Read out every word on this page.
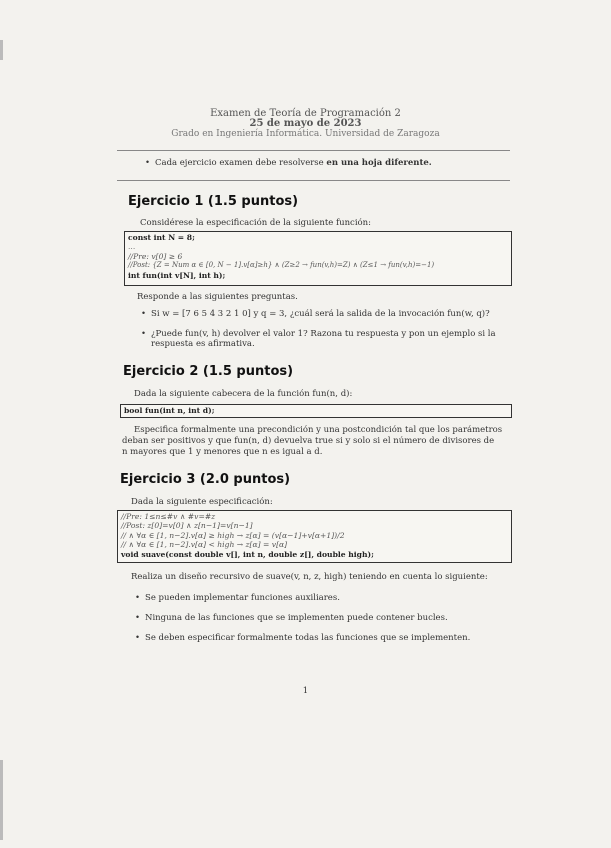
Examen de Teoría de Programación 2
25 de mayo de 2023
Grado en Ingeniería Informática. Universidad de Zaragoza
• Cada ejercicio examen debe resolverse en una hoja diferente.
Ejercicio 1 (1.5 puntos)
Considérese la especificación de la siguiente función:
const int N = 8;
...
//Pre: v[0] ≥ 6
//Post: {Z = Num α ∈ [0, N − 1].v[α]≥h} ∧ (Z≥2 → fun(v,h)=Z) ∧ (Z≤1 → fun(v,h)=−1)
int fun(int v[N], int h);
Responde a las siguientes preguntas.
• Si w = [7 6 5 4 3 2 1 0] y q = 3, ¿cuál será la salida de la invocación fun(w, q)?
• ¿Puede fun(v, h) devolver el valor 1? Razona tu respuesta y pon un ejemplo si la
respuesta es afirmativa.
Ejercicio 2 (1.5 puntos)
Dada la siguiente cabecera de la función fun(n, d):
bool fun(int n, int d);
Especifica formalmente una precondición y una postcondición tal que los parámetros
deban ser positivos y que fun(n, d) devuelva true si y solo si el número de divisores de
n mayores que 1 y menores que n es igual a d.
Ejercicio 3 (2.0 puntos)
Dada la siguiente especificación:
//Pre: 1≤n≤#v ∧ #v=#z
//Post: z[0]=v[0] ∧ z[n−1]=v[n−1]
// ∧ ∀α ∈ [1, n−2].v[α] ≥ high → z[α] = (v[α−1]+v[α+1])/2
// ∧ ∀α ∈ [1, n−2].v[α] < high → z[α] = v[α]
void suave(const double v[], int n, double z[], double high);
Realiza un diseño recursivo de suave(v, n, z, high) teniendo en cuenta lo siguiente:
• Se pueden implementar funciones auxiliares.
• Ninguna de las funciones que se implementen puede contener bucles.
• Se deben especificar formalmente todas las funciones que se implementen.
1
